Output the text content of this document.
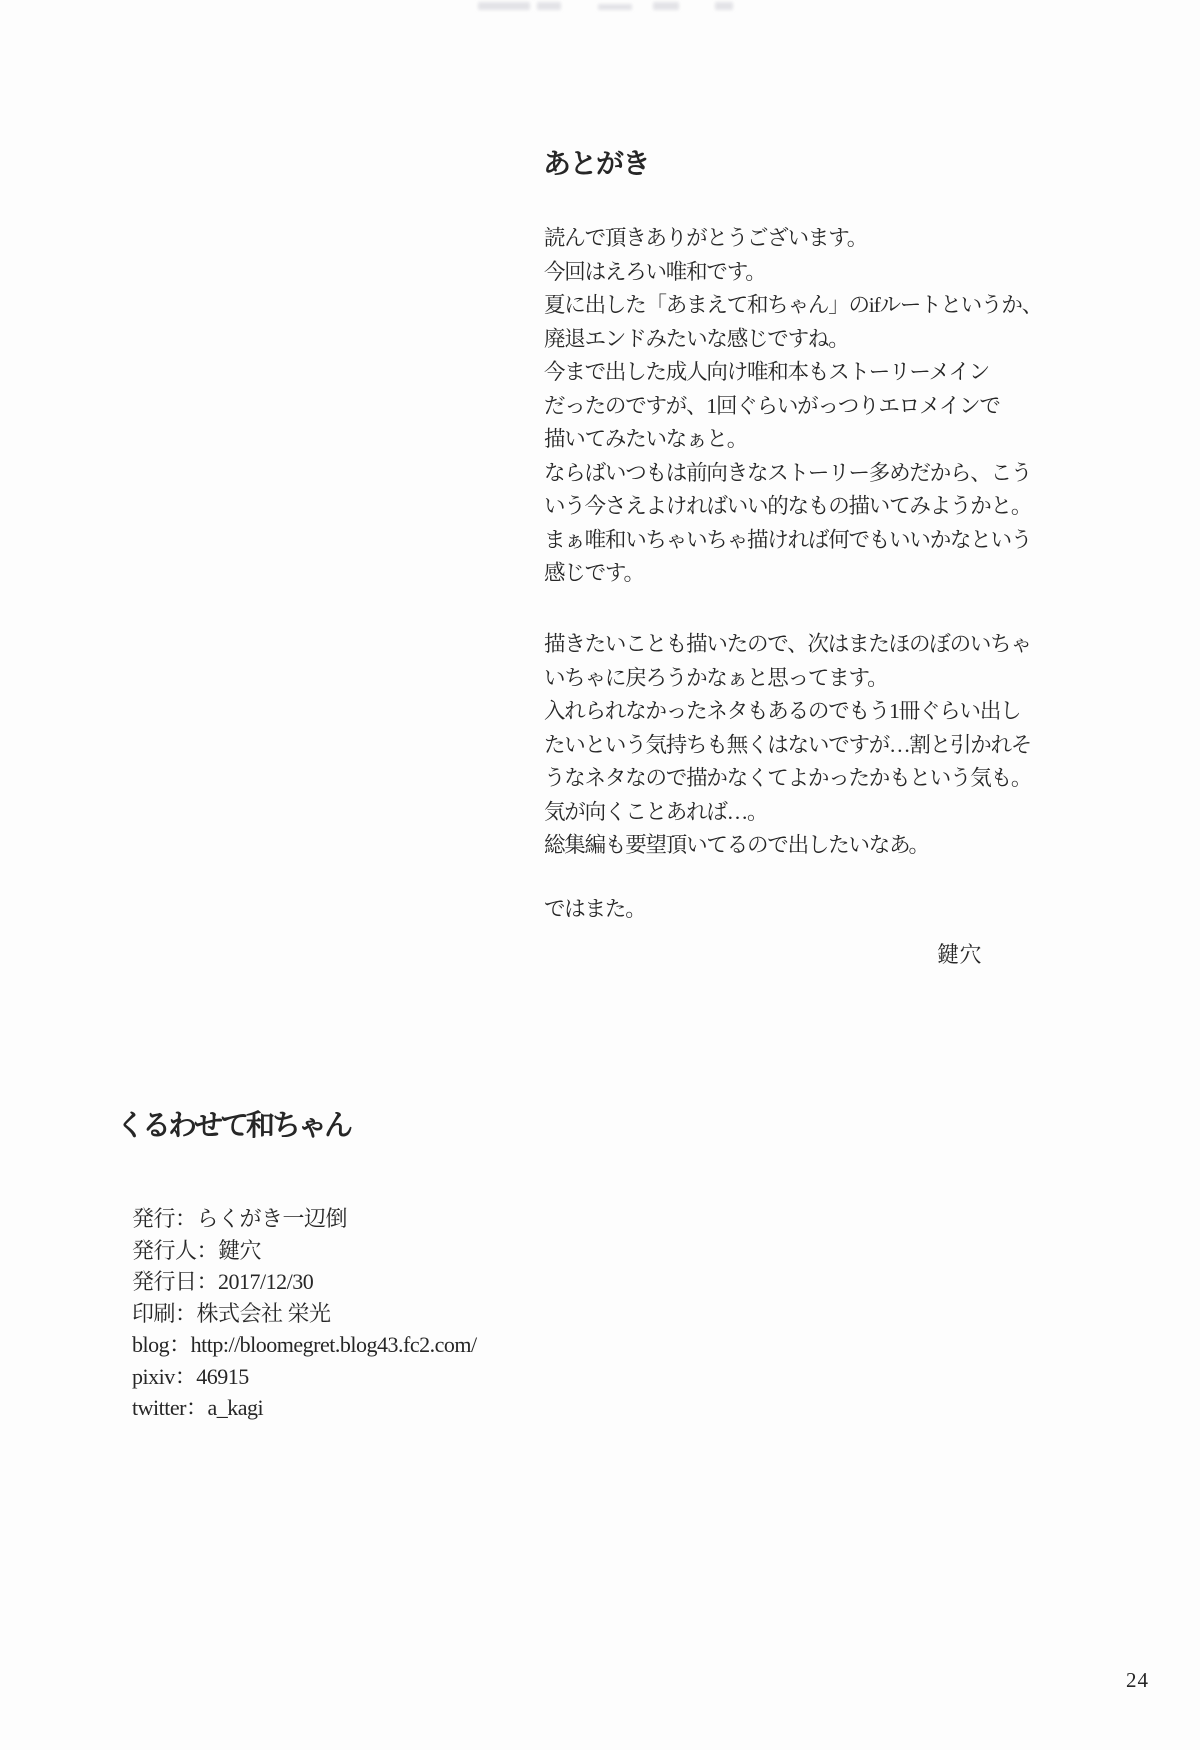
あとがき
読んで頂きありがとうございます。
今回はえろい唯和です。
夏に出した「あまえて和ちゃん」のifルートというか、
廃退エンドみたいな感じですね。
今まで出した成人向け唯和本もストーリーメイン
だったのですが、1回ぐらいがっつりエロメインで
描いてみたいなぁと。
ならばいつもは前向きなストーリー多めだから、こう
いう今さえよければいい的なもの描いてみようかと。
まぁ唯和いちゃいちゃ描ければ何でもいいかなという
感じです。
描きたいことも描いたので、次はまたほのぼのいちゃ
いちゃに戻ろうかなぁと思ってます。
入れられなかったネタもあるのでもう1冊ぐらい出し
たいという気持ちも無くはないですが…割と引かれそ
うなネタなので描かなくてよかったかもという気も。
気が向くことあれば…。
総集編も要望頂いてるので出したいなあ。
ではまた。
鍵穴
くるわせて和ちゃん
発行：らくがき一辺倒
発行人：鍵穴
発行日：2017/12/30
印刷：株式会社 栄光
blog：http://bloomegret.blog43.fc2.com/
pixiv：46915
twitter：a_kagi
24
